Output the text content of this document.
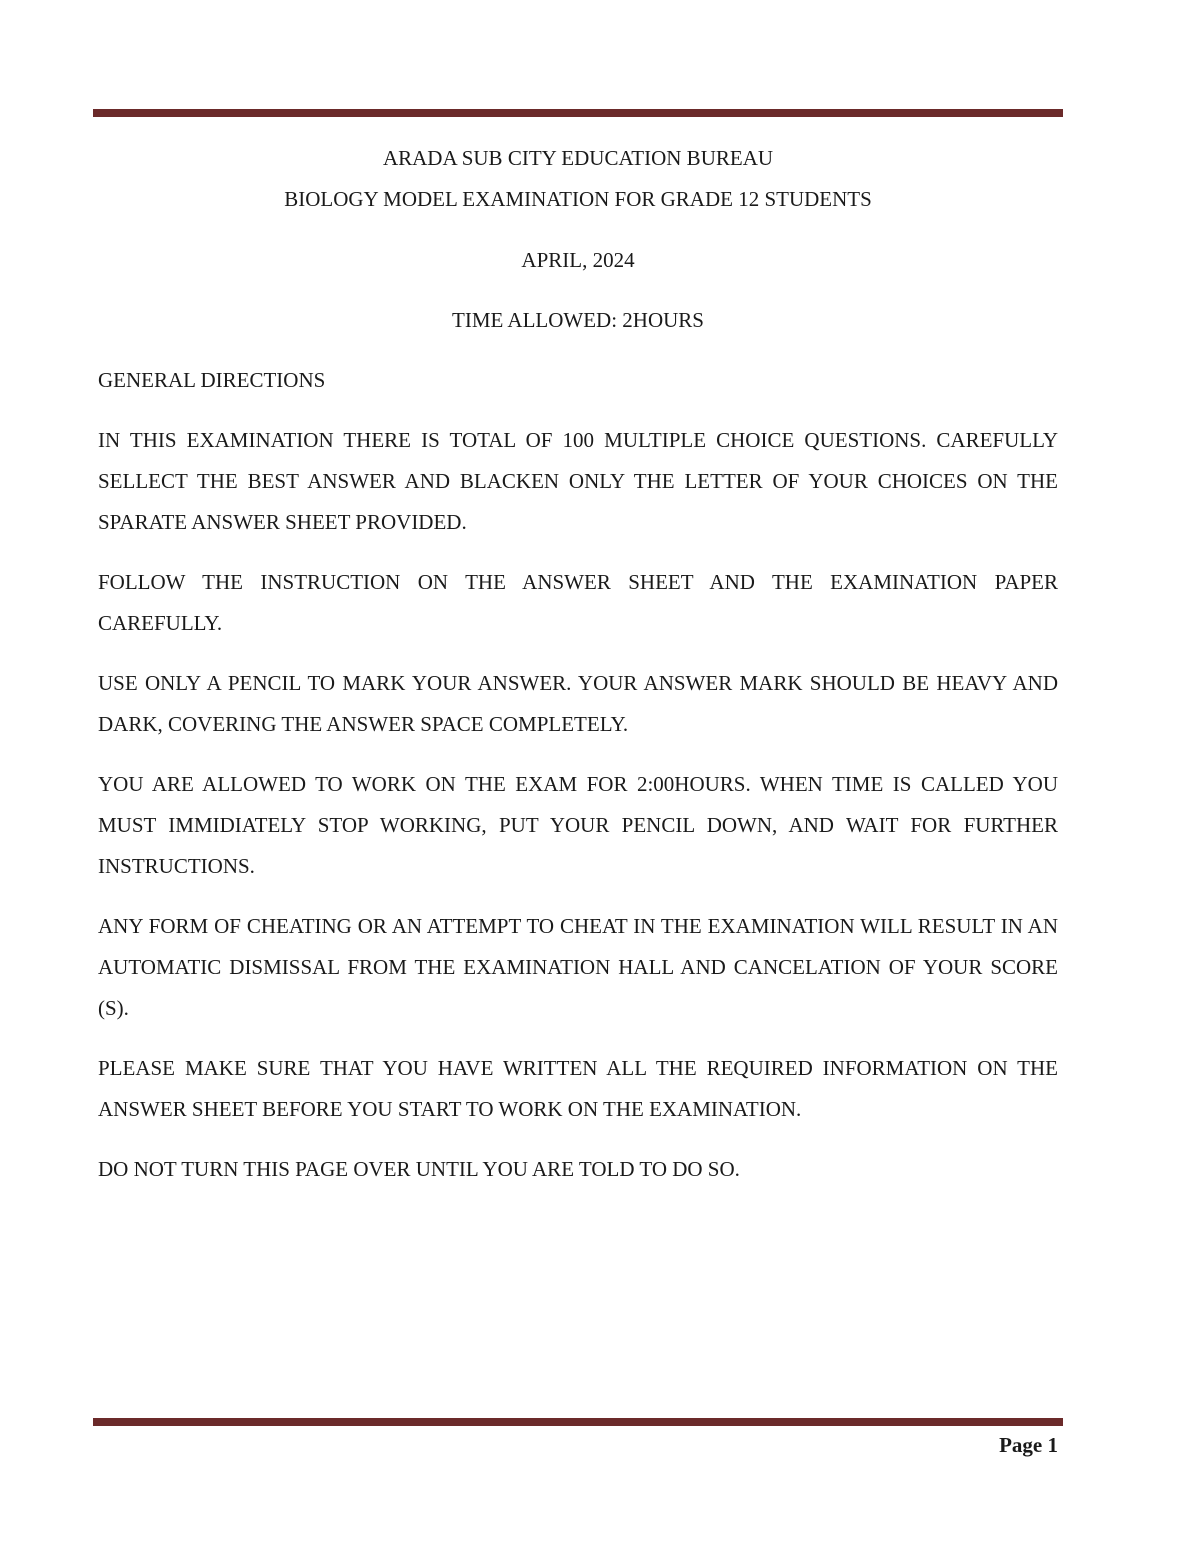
ARADA SUB CITY EDUCATION BUREAU
BIOLOGY MODEL EXAMINATION FOR GRADE 12 STUDENTS
APRIL, 2024
TIME ALLOWED: 2HOURS
GENERAL DIRECTIONS

IN THIS EXAMINATION THERE IS TOTAL OF 100 MULTIPLE CHOICE QUESTIONS. CAREFULLY SELLECT THE BEST ANSWER AND BLACKEN ONLY THE LETTER OF YOUR CHOICES ON THE SPARATE ANSWER SHEET PROVIDED.

FOLLOW THE INSTRUCTION ON THE ANSWER SHEET AND THE EXAMINATION PAPER CAREFULLY.

USE ONLY A PENCIL TO MARK YOUR ANSWER. YOUR ANSWER MARK SHOULD BE HEAVY AND DARK, COVERING THE ANSWER SPACE COMPLETELY.

YOU ARE ALLOWED TO WORK ON THE EXAM FOR 2:00HOURS. WHEN TIME IS CALLED YOU MUST IMMIDIATELY STOP WORKING, PUT YOUR PENCIL DOWN, AND WAIT FOR FURTHER INSTRUCTIONS.

ANY FORM OF CHEATING OR AN ATTEMPT TO CHEAT IN THE EXAMINATION WILL RESULT IN AN AUTOMATIC DISMISSAL FROM THE EXAMINATION HALL AND CANCELATION OF YOUR SCORE (S).

PLEASE MAKE SURE THAT YOU HAVE WRITTEN ALL THE REQUIRED INFORMATION ON THE ANSWER SHEET BEFORE YOU START TO WORK ON THE EXAMINATION.

DO NOT TURN THIS PAGE OVER UNTIL YOU ARE TOLD TO DO SO.

Page 1
